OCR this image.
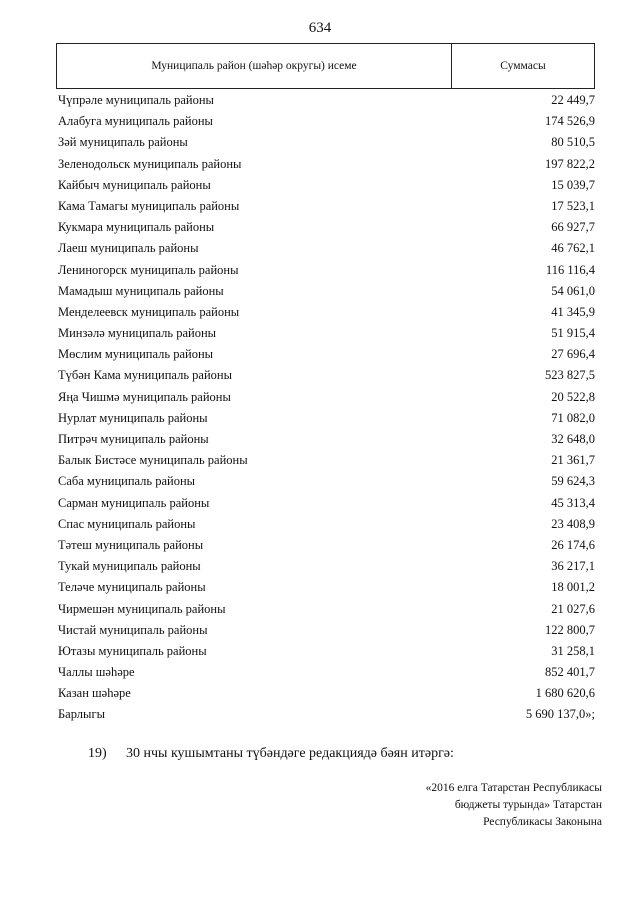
634
Муниципаль район (шәһәр округы) исеме	Суммасы
Чүпрәле муниципаль районы	22 449,7
Алабуга муниципаль районы	174 526,9
Зәй муниципаль районы	80 510,5
Зеленодольск муниципаль районы	197 822,2
Кайбыч муниципаль районы	15 039,7
Кама Тамагы муниципаль районы	17 523,1
Кукмара муниципаль районы	66 927,7
Лаеш муниципаль районы	46 762,1
Лениногорск муниципаль районы	116 116,4
Мамадыш муниципаль районы	54 061,0
Менделеевск муниципаль районы	41 345,9
Минзәлә муниципаль районы	51 915,4
Мөслим муниципаль районы	27 696,4
Түбән Кама муниципаль районы	523 827,5
Яңа Чишмә муниципаль районы	20 522,8
Нурлат муниципаль районы	71 082,0
Питрәч муниципаль районы	32 648,0
Балык Бистәсе муниципаль районы	21 361,7
Саба муниципаль районы	59 624,3
Сарман муниципаль районы	45 313,4
Спас муниципаль районы	23 408,9
Тәтеш муниципаль районы	26 174,6
Тукай муниципаль районы	36 217,1
Теләче муниципаль районы	18 001,2
Чирмешән муниципаль районы	21 027,6
Чистай муниципаль районы	122 800,7
Ютазы муниципаль районы	31 258,1
Чаллы шәһәре	852 401,7
Казан шәһәре	1 680 620,6
Барлыгы	5 690 137,0»;
19) 30 нчы кушымтаны түбәндәге редакциядә бәян итәргә:
«2016 елга Татарстан Республикасы
бюджеты турында» Татарстан
Республикасы Законына
